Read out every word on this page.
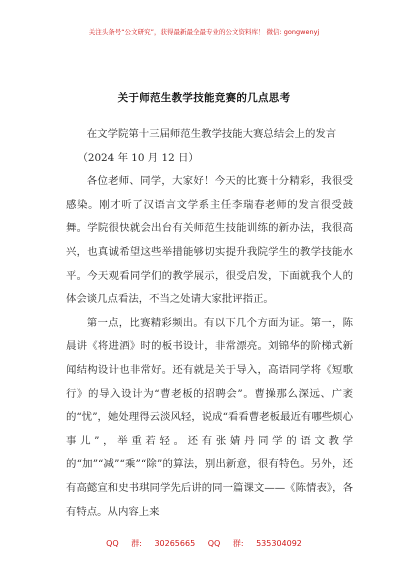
关注头条号“公文研究”，获得最新最全最专业的公文资料库！ 微信: gongwenyj
关于师范生教学技能竞赛的几点思考

在文学院第十三届师范生教学技能大赛总结会上的发言

（2024 年 10 月 12 日）

各位老师、同学，大家好！今天的比赛十分精彩，我很受感染。刚才听了汉语言文学系主任李瑞春老师的发言很受鼓舞。学院很快就会出台有关师范生技能训练的新办法，我很高兴，也真诚希望这些举措能够切实提升我院学生的教学技能水平。今天观看同学们的教学展示，很受启发，下面就我个人的体会谈几点看法，不当之处请大家批评指正。

第一点，比赛精彩频出。有以下几个方面为证。第一，陈晨讲《将进酒》时的板书设计，非常漂亮。刘锦华的阶梯式新闻结构设计也非常好。还有就是关于导入，高语同学将《短歌行》的导入设计为“曹老板的招聘会”。曹操那么深远、广袤的“忧”，她处理得云淡风轻，说成“看看曹老板最近有哪些烦心事儿”，举重若轻。还有张婧丹同学的语文教学的“加”“减”“乘”“除”的算法，别出新意，很有特色。另外，还有高懿宣和史书琪同学先后讲的同一篇课文——《陈情表》，各有特点。从内容上来

QQ 群: 30265665 QQ 群: 535304092
